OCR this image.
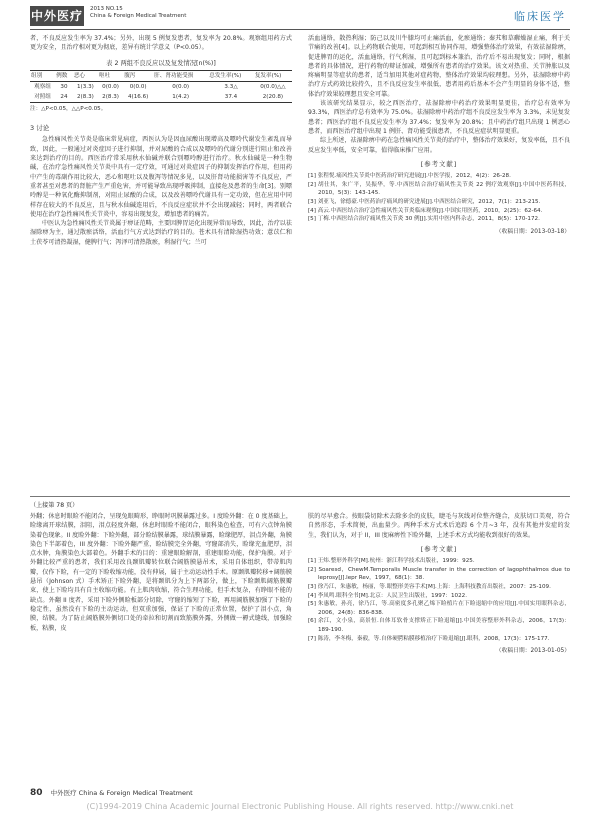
中外医疗 2013 NO.15
China & Foreign Medical Treatment	临床医学

者，不良反应发生率为 37.4%；另外，出现 5 例复发患者，复发率为 20.8%。观察组用药方式更为安全，且治疗相对更为彻底，差异有统计学意义（P<0.05）。

表 2 两组不良反应以及复发情况[n(%)]
组别	例数	恶心	呕吐	腹泻	肝、肾功能受损	总发生率(%)	复发率(%)
观察组	30	1(3.3)	0(0.0)	0(0.0)	0(0.0)	3.3△	0(0.0)△△
对照组	24	2(8.3)	2(8.3)	4(16.6)	1(4.2)	37.4	2(20.8)
注：△P<0.05，△△P<0.05。
3 讨论

急性痛风性关节炎是临床常见病症，西医认为是因血尿酸出现增高及嘌呤代谢发生紊乱而导致，因此，一般通过对炎症因子进行抑制，并对尿酸的合成以及嘌呤的代谢分别进行阻止和改善来达到治疗的目的。西医治疗常采用秋水仙碱并联合别嘌呤醇进行治疗。秋水仙碱是一种生物碱，在治疗急性痛风性关节炎中具有一定疗效，可通过对炎症因子的抑制发挥治疗作用，但用药中产生的毒副作用比较大，恶心和呕吐以及腹泻等情况多见，以及肝肾功能损害等不良反应，严重者甚至对患者的肾脏产生严重危害，并可能导致出现呼吸抑制，直接危及患者的生命[3]。别嘌呤醇是一种氧化酶抑制剂，对阻止尿酸的合成，以及改善嘌呤代谢具有一定功效，但在应用中同样存在较大的不良反应，且与秋水仙碱连用后，不良反应症状并不会出现减轻；同时，两者联合使用在治疗急性痛风性关节炎中，容易出现复发，增加患者的痛苦。

中医认为急性痛风性关节炎属于痹证范畴，主要因脾胃运化出现异常而导致，因此，治疗以祛湿除痹为主，通过散瘀活络，活血行气方式达到治疗的目的。苍术具有清除湿热功效；薏苡仁和土茯苓可清热凝湿，健脾行气；泻泽可清热散瘀，利湿行气；兰可

活血通络，散热利湿；防己以及川牛膝均可止痛活血，化瘀通络；秦艽和草薢燥湿止痛，利于关节痛的改善[4]。以上药物联合使用，可起到相互协同作用，增强整体治疗效果，有效祛湿除痹，促进脾胃的运化，活血通络，行气利湿，且可起到标本兼治，治疗后不易出现复发；同时，根据患者的具体情况，进行药物的辩证加减，增强所有患者的治疗效果。该文对热重、关节肿胀以及疼痛明显等症状的患者，适当加用其他对症药物，整体治疗效果均较理想。另外，祛湿除痹中药治疗方式药效比较持久，且不良反应发生率很低，患者用药后基本不会产生明显的身体不适，整体治疗效果较理想且安全可靠。

该该研究结果显示，较之西医治疗，祛湿除痹中药治疗效果明显更佳，治疗总有效率为 93.3%，西医治疗总有效率为 75.0%。祛湿除痹中药治疗组不良反应发生率为 3.3%，未见复发患者；西医治疗组不良反应发生率为 37.4%；复发率为 20.8%；且中药治疗组只出现 1 例恶心患者，而西医治疗组中出现 1 例肝、肾功能受损患者，不良反应症状明显更重。

综上所述，祛湿除痹中药在急性痛风性关节炎的治疗中，整体治疗效果好，复发率低，且不良反应发生率低，安全可靠，值得临床推广应用。

[参考文献]
[1] 张程悦.痛风性关节炎中医药治疗研究进展[J].中医学报，2012，4(2)：26-28.
[2] 胡仕其，朱广平，吴振华，等.中西医结合治疗痛风性关节炎 22 例疗效观察[J].中国中医药科技，2010，5(3)：143-145.
[3] 刘亚飞，徐德豪.中医药治疗痛风的研究进展[J].中西医结合研究，2012，7(1)：213-215.
[4] 高云.中西医结合治疗急性痛风性关节炎临床观察[J].中国实用医药，2010，2(25)：62-64.
[5] 丁梅.中西医结合治疗痛风性关节炎 30 例[J].实用中医内科杂志，2011，8(5)：170-172.
（收稿日期：2013-03-18）
（上接第 78 页）

外翻；休息时眼睑不能闭合，呈现兔眼畸形，睁眼时巩膜暴露过多。I 度睑外翻：在 0 度基础上，睑缘离开球结膜，泪阻，泪点轻度外翻，休息时眼睑不能闭合，眼科染色检查，可有六点钟角膜染着色现象。II 度睑外翻：下睑外翻，部分睑结膜暴露，球结膜暴露，睑缘肥厚，泪点外翻，角膜染色下半部着色，III 度外翻：下睑外翻严重，睑结膜完全外翻，穹窿部消失，睑缘充血肥厚，泪点水肿，角膜染色大部着色。外翻手术的目的：重建眼睑解剖，重建眼睑功能，保护角膜。对于外翻比较严重的患者，我们采用改良颞肌瓣转位联合阔筋膜悬吊术，采用自体组织，带蒂肌肉瓣，仅作下睑，有一定的下睑收缩功能，没有伸展，属于主动运动性手术。原颞肌瓣转移+阔筋膜悬吊（Johnson 式）手术矫正下睑外翻，是将颞肌分为上下两部分，做上，下睑颞肌阔筋膜瓣束，使上下睑均具有自主收缩功能。有上肌肉收缩，符合生理功能，但手术复杂，有睁眼不能的缺点。外翻 II 度者，采用下睑外侧睑板部分切除，穹窿的缩短了下睑，再用阔筋膜加强了下睑的稳定性，虽然没有下睑的主动运动，但双重加强，保证了下睑的正常位置，保护了泪小点，角膜，结膜。为了防止阔筋膜外侧切口处的牵拉和切割而致筋膜外露，外侧做一褥式缝线，加强睑板，粘膜，皮

肤的尽早愈合。按眼袋切除术去除多余的皮肤，睫毛与灰线对位整齐缝合，皮肤切口美观，符合自然形态，手术简便，出血量少。两种手术方式术后追踪 6 个月~3 年，没有其他并发症的发生，我们认为，对于 II，III 度麻痹性下睑外翻，上述手术方式均能收到很好的效果。

[参考文献]
[1] 王炜.整形外科学[M].杭州：浙江科学技术出版社，1999：925.
[2] Soaresd，ChewM.Temporalis Muscle transfer in the correction of lagophthalmos due to leprosy[J].lepr Rev，1997，68(1)：38.
[3] 徐乃江，朱惠敏，杨丽，等.眼整形美容手术[M].上海：上海科技教育出版社，2007：25-109.
[4] 李凤鸣.眼科全书[M].北京：人民卫生出版社，1997：1022.
[5] 朱惠敏，孙亮，徐乃江，等.高密度多孔聚乙烯下睑植片在下睑退缩中的应用[J].中国实用眼科杂志，2006，24(8)：836-838.
[6] 余江，文小泉，高景恒.自体耳软骨支撑矫正下睑退缩[J].中国美容整形外科杂志，2006，17(3)：189-190.
[7] 陈涛，李冬梅，秦毅，等.自体硬腭粘膜移植治疗下睑退缩[J].眼科，2008，17(3)：175-177.
（收稿日期：2013-01-05）
80 中外医疗 China & Foreign Medical Treatment
(C)1994-2019 China Academic Journal Electronic Publishing House. All rights reserved. http://www.cnki.net
